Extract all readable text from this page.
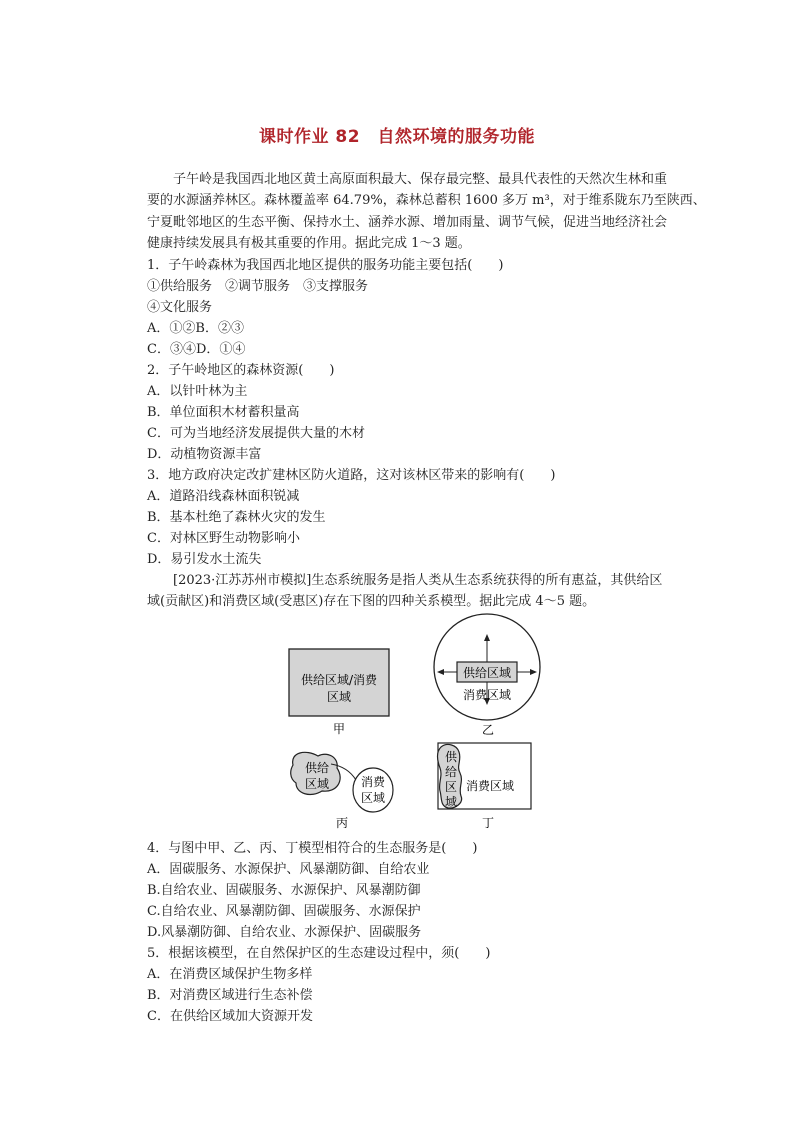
课时作业 82　自然环境的服务功能
子午岭是我国西北地区黄土高原面积最大、保存最完整、最具代表性的天然次生林和重
要的水源涵养林区。森林覆盖率 64.79%，森林总蓄积 1600 多万 m³，对于维系陇东乃至陕西、
宁夏毗邻地区的生态平衡、保持水土、涵养水源、增加雨量、调节气候，促进当地经济社会
健康持续发展具有极其重要的作用。据此完成 1～3 题。
1．子午岭森林为我国西北地区提供的服务功能主要包括(　　)
①供给服务　②调节服务　③支撑服务
④文化服务
A．①②B．②③
C．③④D．①④
2．子午岭地区的森林资源(　　)
A．以针叶林为主
B．单位面积木材蓄积量高
C．可为当地经济发展提供大量的木材
D．动植物资源丰富
3．地方政府决定改扩建林区防火道路，这对该林区带来的影响有(　　)
A．道路沿线森林面积锐减
B．基本杜绝了森林火灾的发生
C．对林区野生动物影响小
D．易引发水土流失
[2023·江苏苏州市模拟]生态系统服务是指人类从生态系统获得的所有惠益，其供给区
域(贡献区)和消费区域(受惠区)存在下图的四种关系模型。据此完成 4～5 题。
供给区域/消费
区域
甲
供给区域
消费区域
乙
供给
区域	消费
区域
丙
供
给
区
域
消费区域
丁
4．与图中甲、乙、丙、丁模型相符合的生态服务是(　　)
A．固碳服务、水源保护、风暴潮防御、自给农业
B.自给农业、固碳服务、水源保护、风暴潮防御
C.自给农业、风暴潮防御、固碳服务、水源保护
D.风暴潮防御、自给农业、水源保护、固碳服务
5．根据该模型，在自然保护区的生态建设过程中，须(　　)
A．在消费区域保护生物多样
B．对消费区域进行生态补偿
C．在供给区域加大资源开发
